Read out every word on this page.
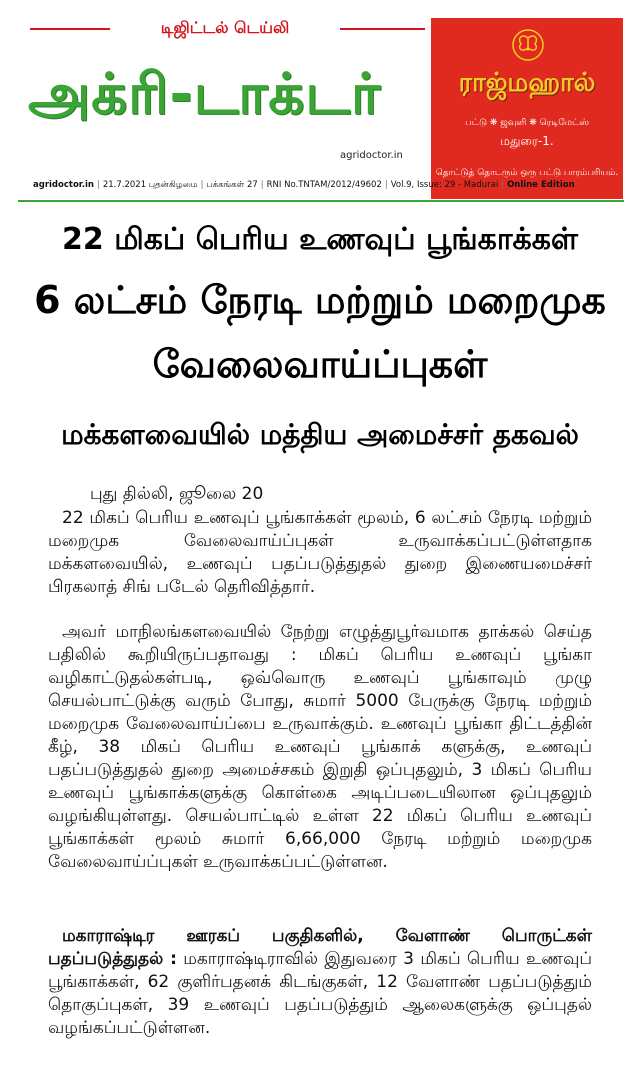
டிஜிட்டல் டெய்லி
அக்ரி-டாக்டர்
agridoctor.in
ராஜ்மஹால்
பட்டு ❋ ஜவுளி ❋ ரெடிமேட்ஸ்
மதுரை-1.
தொட்டுத் தொடரும் ஒரு பட்டு பாரம்பரியம்.
agridoctor.in | 21.7.2021 புதன்கிழமை | பக்கங்கள் 27 | RNI No.TNTAM/2012/49602 | Vol.9, Issue: 29 - Madurai | Online Edition
22 மிகப் பெரிய உணவுப் பூங்காக்கள்
6 லட்சம் நேரடி மற்றும் மறைமுக
வேலைவாய்ப்புகள்
மக்களவையில் மத்திய அமைச்சர் தகவல்
புது தில்லி, ஜூலை 20

22 மிகப் பெரிய உணவுப் பூங்காக்கள் மூலம், 6 லட்சம் நேரடி மற்றும் மறைமுக வேலைவாய்ப்புகள் உருவாக்கப்பட்டுள்ளதாக மக்களவையில், உணவுப் பதப்படுத்துதல் துறை இணையமைச்சர் பிரகலாத் சிங் படேல் தெரிவித்தார்.

அவர் மாநிலங்களவையில் நேற்று எழுத்துபூர்வமாக தாக்கல் செய்த பதிலில் கூறியிருப்பதாவது : மிகப் பெரிய உணவுப் பூங்கா வழிகாட்டுதல்கள்படி, ஒவ்வொரு உணவுப் பூங்காவும் முழு செயல்பாட்டுக்கு வரும் போது, சுமார் 5000 பேருக்கு நேரடி மற்றும் மறைமுக வேலைவாய்ப்பை உருவாக்கும். உணவுப் பூங்கா திட்டத்தின் கீழ், 38 மிகப் பெரிய உணவுப் பூங்காக் களுக்கு, உணவுப் பதப்படுத்துதல் துறை அமைச்சகம் இறுதி ஒப்புதலும், 3 மிகப் பெரிய உணவுப் பூங்காக்களுக்கு கொள்கை அடிப்படையிலான ஒப்புதலும் வழங்கியுள்ளது. செயல்பாட்டில் உள்ள 22 மிகப் பெரிய உணவுப் பூங்காக்கள் மூலம் சுமார் 6,66,000 நேரடி மற்றும் மறைமுக வேலைவாய்ப்புகள் உருவாக்கப்பட்டுள்ளன.

மகாராஷ்டிர ஊரகப் பகுதிகளில், வேளாண் பொருட்கள் பதப்படுத்துதல் : மகாராஷ்டிராவில் இதுவரை 3 மிகப் பெரிய உணவுப் பூங்காக்கள், 62 குளிர்பதனக் கிடங்குகள், 12 வேளாண் பதப்படுத்தும் தொகுப்புகள், 39 உணவுப் பதப்படுத்தும் ஆலைகளுக்கு ஒப்புதல் வழங்கப்பட்டுள்ளன.
